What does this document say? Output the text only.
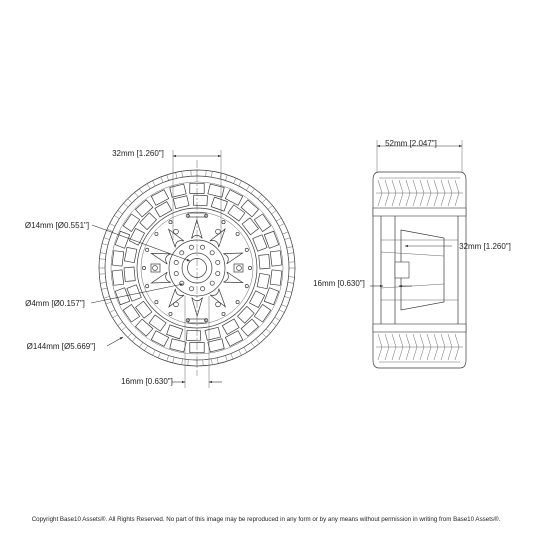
32mm [1.260"]
Ø14mm [Ø0.551"]
Ø4mm [Ø0.157"]
Ø144mm [Ø5.669"]
16mm [0.630"]
52mm [2.047"]
32mm [1.260"]
16mm [0.630"]
Copyright Base10 Assets®. All Rights Reserved. No part of this image may be reproduced in any form or by any means without permission in writing from Base10 Assets®.
